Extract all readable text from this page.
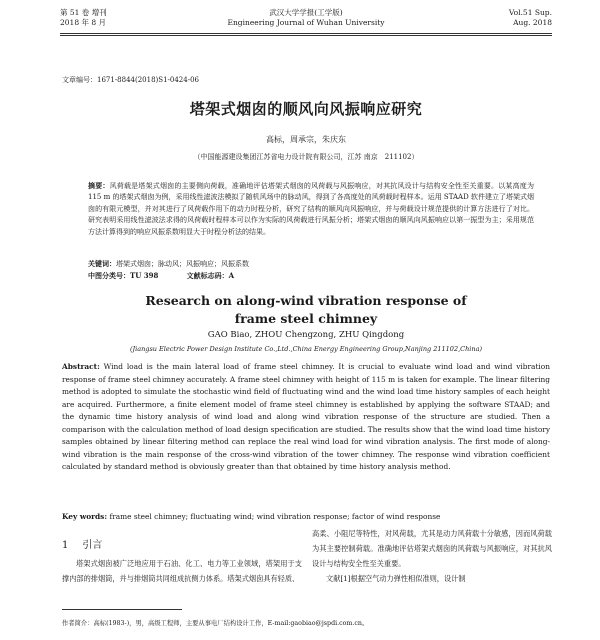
第 51 卷 增刊
2018 年 8 月
武汉大学学报(工学版)
Engineering Journal of Wuhan University
Vol.51 Sup.
Aug. 2018
文章编号：1671-8844(2018)S1-0424-06
塔架式烟囱的顺风向风振响应研究
高标，周承宗，朱庆东
（中国能源建设集团江苏省电力设计院有限公司，江苏 南京　211102）
摘要：风荷载是塔架式烟囱的主要侧向荷载，准确地评估塔架式烟囱的风荷载与风振响应，对其抗风设计与结构安全性至关重要。以某高度为 115 m 的塔架式烟囱为例，采用线性滤波法模拟了随机风场中的脉动风，得到了各高度处的风荷载时程样本。运用 STAAD 软件建立了塔架式烟囱的有限元模型，并对其进行了风荷载作用下的动力时程分析，研究了结构的顺风向风振响应，并与荷载设计规范提供的计算方法进行了对比。研究表明采用线性滤波法求得的风荷载时程样本可以作为实际的风荷载进行风振分析；塔架式烟囱的顺风向风振响应以第一振型为主；采用规范方法计算得到的响应风振系数明显大于时程分析法的结果。
关键词：塔架式烟囱；脉动风；风振响应；风振系数
中图分类号：TU 398	文献标志码：A
Research on along-wind vibration response of
frame steel chimney
GAO Biao, ZHOU Chengzong, ZHU Qingdong
(Jiangsu Electric Power Design Institute Co.,Ltd.,China Energy Engineering Group,Nanjing 211102,China)
Abstract: Wind load is the main lateral load of frame steel chimney. It is crucial to evaluate wind load and wind vibration response of frame steel chimney accurately. A frame steel chimney with height of 115 m is taken for example. The linear filtering method is adopted to simulate the stochastic wind field of fluctuating wind and the wind load time history samples of each height are acquired. Furthermore, a finite element model of frame steel chimney is established by applying the software STAAD; and the dynamic time history analysis of wind load and along wind vibration response of the structure are studied. Then a comparison with the calculation method of load design specification are studied. The results show that the wind load time history samples obtained by linear filtering method can replace the real wind load for wind vibration analysis. The first mode of along-wind vibration is the main response of the cross-wind vibration of the tower chimney. The response wind vibration coefficient calculated by standard method is obviously greater than that obtained by time history analysis method.
Key words: frame steel chimney; fluctuating wind; wind vibration response; factor of wind response
1 引言
塔架式烟囱被广泛地应用于石油、化工、电力等工业领域，塔架用于支撑内部的排烟筒，并与排烟筒共同组成抗侧力体系。塔架式烟囱具有轻质、
高柔、小阻尼等特性，对风荷载，尤其是动力风荷载十分敏感，因而风荷载为其主要控制荷载。准确地评估塔架式烟囱的风荷载与风振响应，对其抗风设计与结构安全性至关重要。
文献[1]根据空气动力弹性相似准则，设计制
作者简介：高标(1983-)，男，高级工程师，主要从事电厂结构设计工作，E-mail:gaobiao@jspdi.com.cn。
